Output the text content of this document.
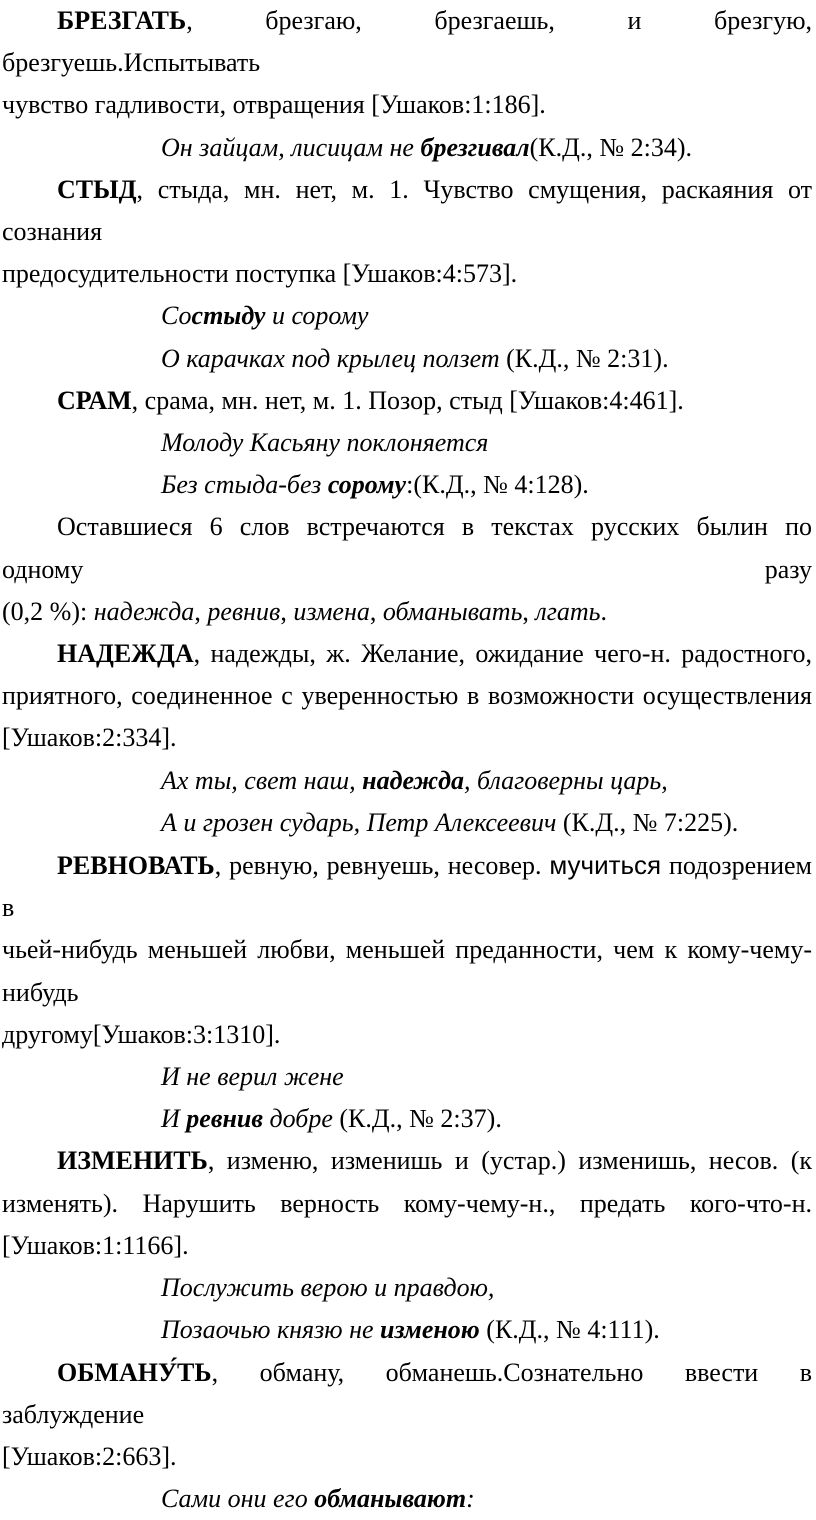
БРЕЗГАТЬ, брезгаю, брезгаешь, и брезгую, брезгуешь.Испытывать
чувство гадливости, отвращения [Ушаков:1:186].
Он зайцам, лисицам не брезгивал(К.Д., № 2:34).
СТЫД, стыда, мн. нет, м. 1. Чувство смущения, раскаяния от сознания
предосудительности поступка [Ушаков:4:573].
Состыду и сорому
О карачках под крылец ползет (К.Д., № 2:31).
СРАМ, срама, мн. нет, м. 1. Позор, стыд [Ушаков:4:461].
Молоду Касьяну поклоняется
Без стыда-без сорому:(К.Д., № 4:128).
Оставшиеся 6 слов встречаются в текстах русских былин по одному разу
(0,2 %): надежда, ревнив, измена, обманывать, лгать.
НАДЕЖДА, надежды, ж. Желание, ожидание чего-н. радостного,
приятного, соединенное с уверенностью в возможности осуществления
[Ушаков:2:334].
Ах ты, свет наш, надежда, благоверны царь,
А и грозен сударь, Петр Алексеевич (К.Д., № 7:225).
РЕВНОВАТЬ, ревную, ревнуешь, несовер. мучиться подозрением в
чьей-нибудь меньшей любви, меньшей преданности, чем к кому-чему-нибудь
другому[Ушаков:3:1310].
И не верил жене
И ревнив добре (К.Д., № 2:37).
ИЗМЕНИТЬ, изменю, изменишь и (устар.) изменишь, несов. (к
изменять). Нарушить верность кому-чему-н., предать кого-что-н.
[Ушаков:1:1166].
Послужить верою и правдою,
Позаочью князю не изменою (К.Д., № 4:111).
ОБМАНУ́ТЬ, обману, обманешь.Сознательно ввести в заблуждение
[Ушаков:2:663].
Сами они его обманывают:
